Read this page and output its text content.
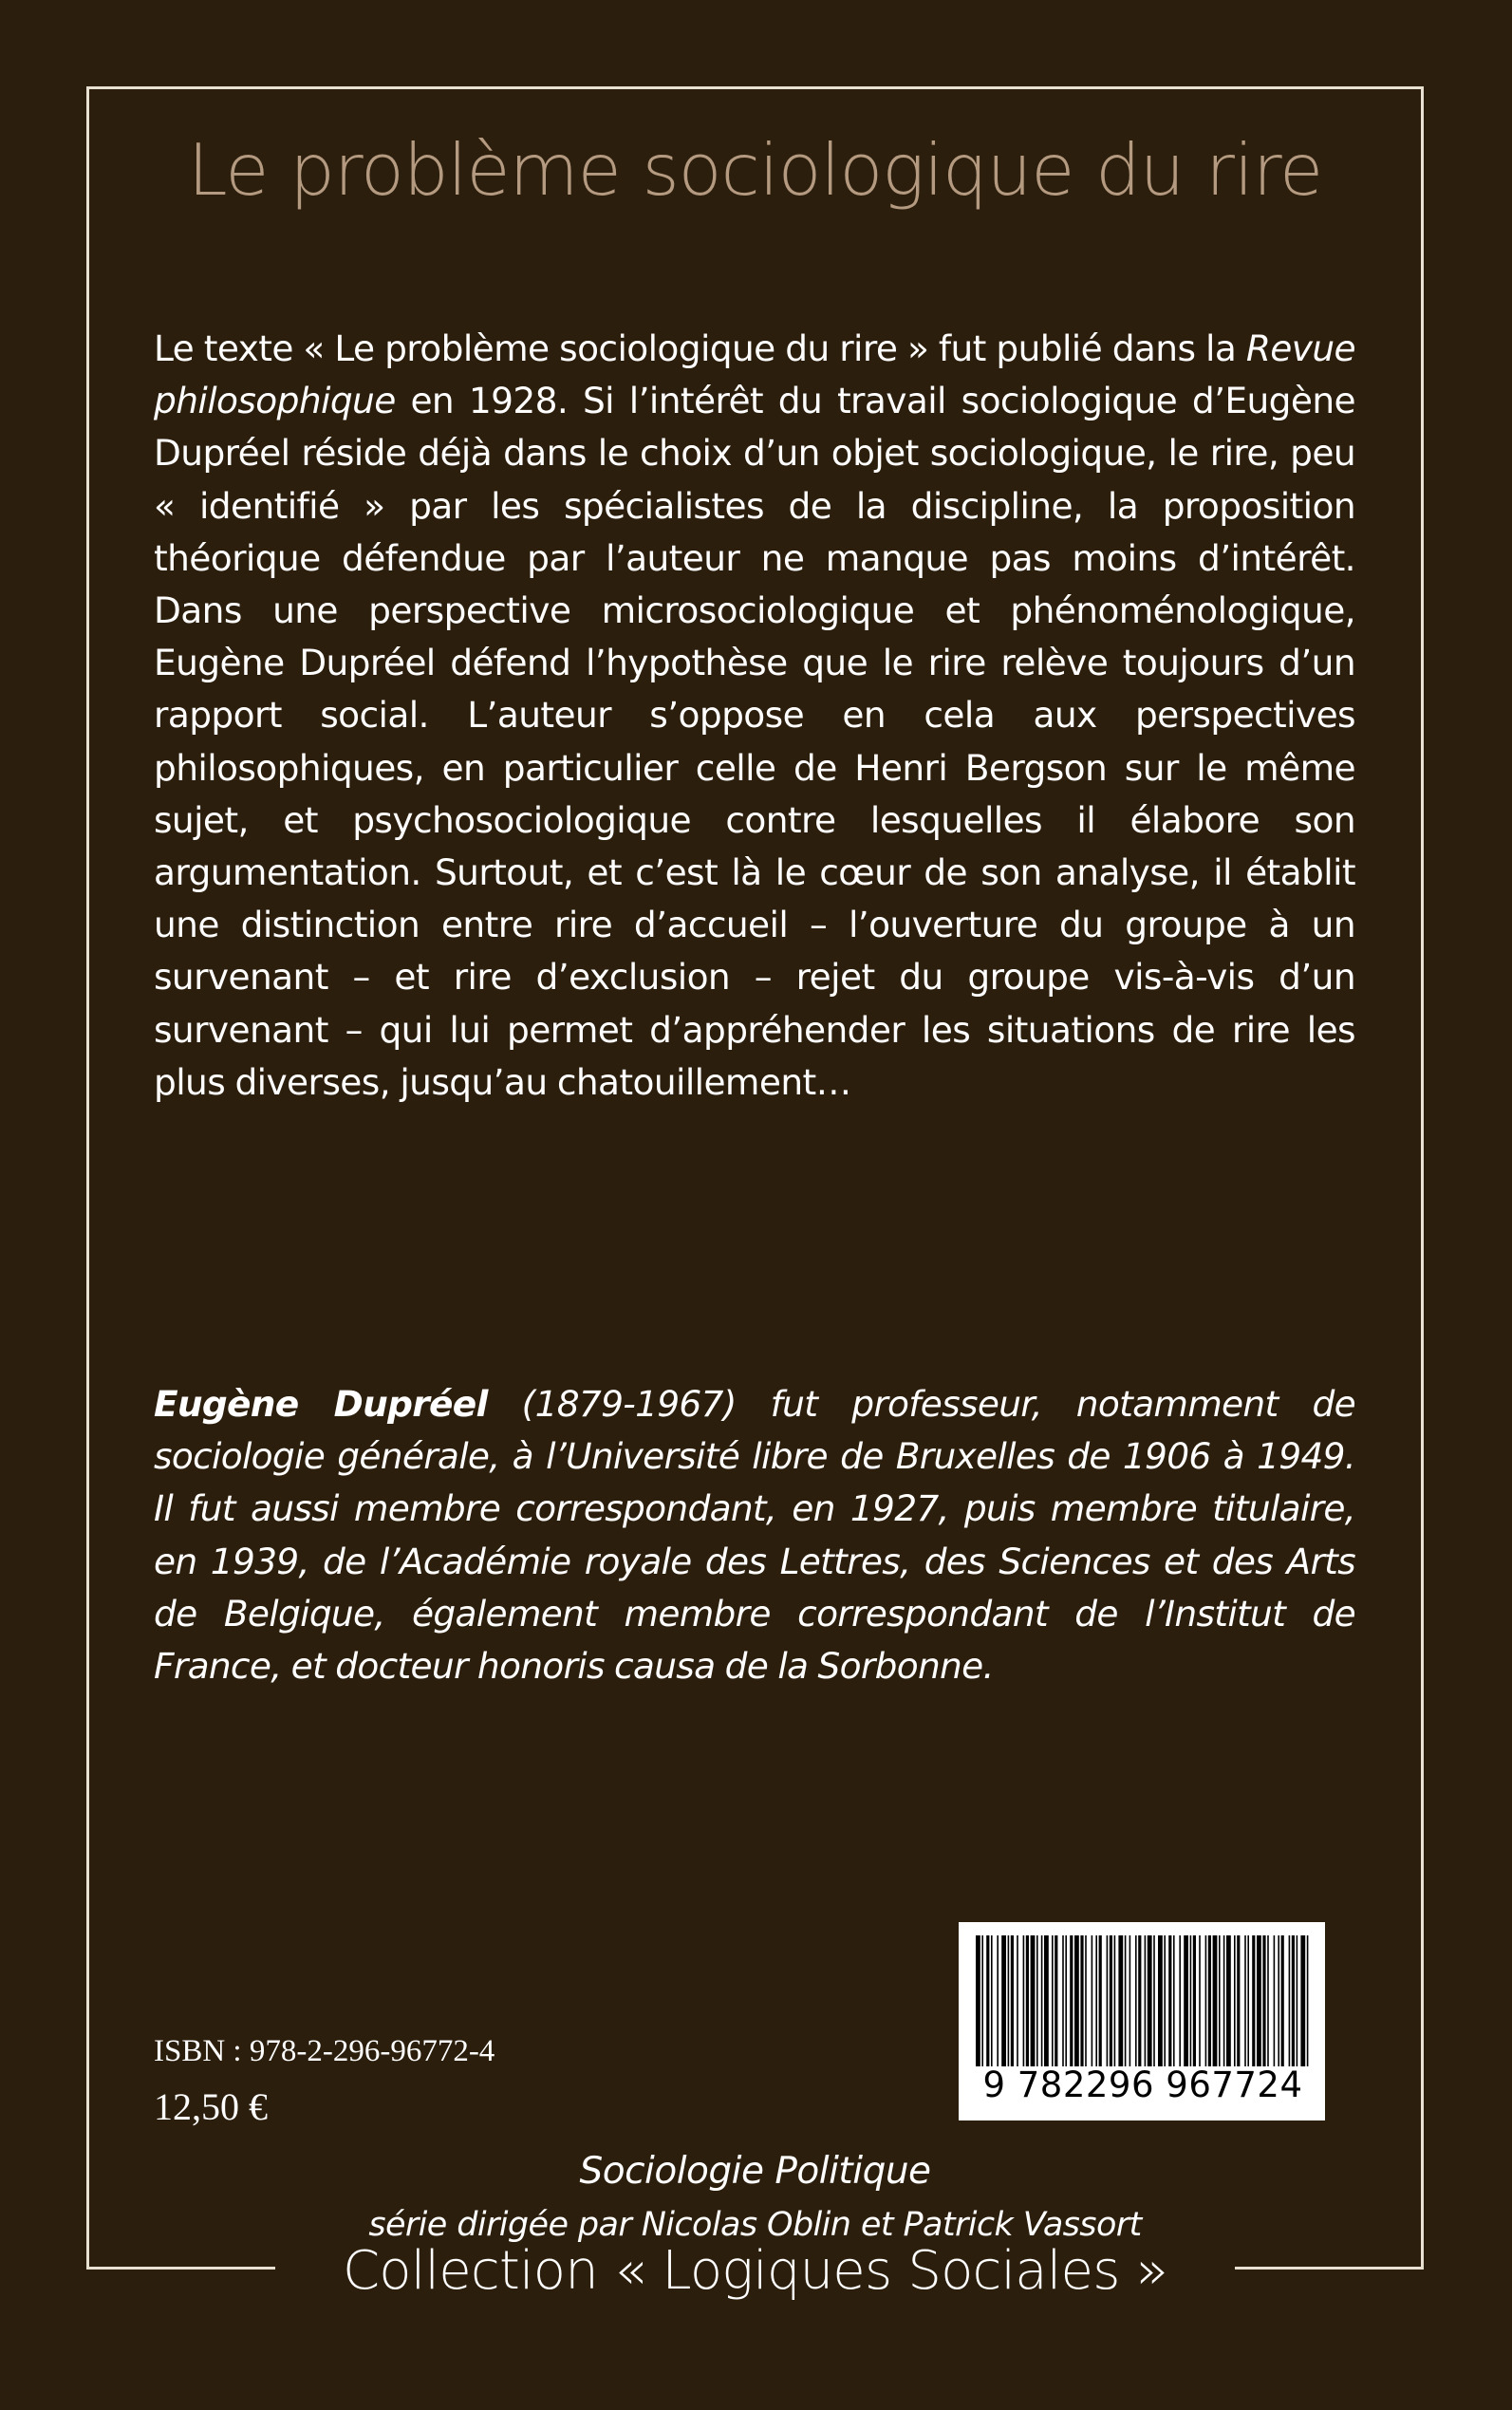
Le problème sociologique du rire
Le texte « Le problème sociologique du rire » fut publié dans la Revue philosophique en 1928. Si l’intérêt du travail sociologique d’Eugène Dupréel réside déjà dans le choix d’un objet sociologique, le rire, peu « identifié » par les spécialistes de la discipline, la proposition théorique défendue par l’auteur ne manque pas moins d’intérêt. Dans une perspective microsociologique et phénoménologique, Eugène Dupréel défend l’hypothèse que le rire relève toujours d’un rapport social. L’auteur s’oppose en cela aux perspectives philosophiques, en particulier celle de Henri Bergson sur le même sujet, et psychosociologique contre lesquelles il élabore son argumentation. Surtout, et c’est là le cœur de son analyse, il établit une distinction entre rire d’accueil – l’ouverture du groupe à un survenant – et rire d’exclusion – rejet du groupe vis-à-vis d’un survenant – qui lui permet d’appréhender les situations de rire les plus diverses, jusqu’au chatouillement…
Eugène Dupréel (1879-1967) fut professeur, notamment de sociologie générale, à l’Université libre de Bruxelles de 1906 à 1949. Il fut aussi membre correspondant, en 1927, puis membre titulaire, en 1939, de l’Académie royale des Lettres, des Sciences et des Arts de Belgique, également membre correspondant de l’Institut de France, et docteur honoris causa de la Sorbonne.
9 782296 967724
ISBN : 978-2-296-96772-4
12,50 €
Sociologie Politique
série dirigée par Nicolas Oblin et Patrick Vassort
Collection « Logiques Sociales »
